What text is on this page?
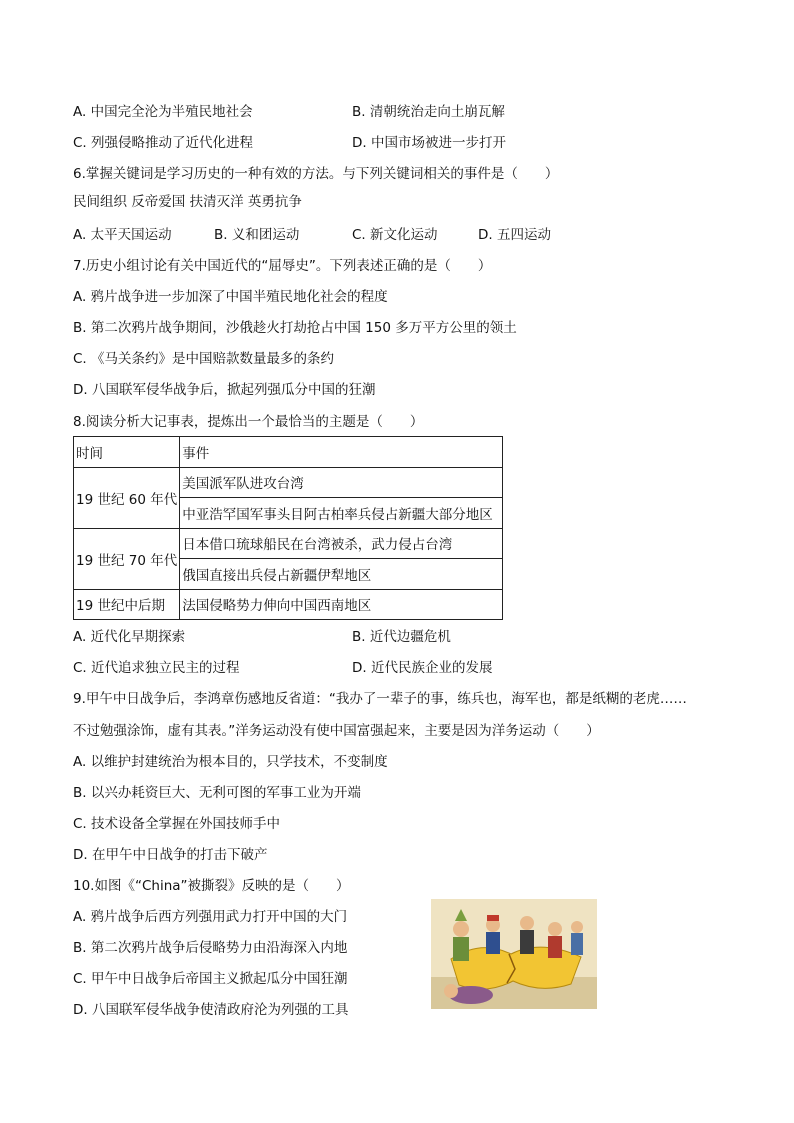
A. 中国完全沦为半殖民地社会	B. 清朝统治走向土崩瓦解
C. 列强侵略推动了近代化进程	D. 中国市场被进一步打开
6.掌握关键词是学习历史的一种有效的方法。与下列关键词相关的事件是（　　）
民间组织 反帝爱国 扶清灭洋 英勇抗争
A. 太平天国运动	B. 义和团运动	C. 新文化运动	D. 五四运动
7.历史小组讨论有关中国近代的“屈辱史”。下列表述正确的是（　　）
A. 鸦片战争进一步加深了中国半殖民地化社会的程度
B. 第二次鸦片战争期间，沙俄趁火打劫抢占中国 150 多万平方公里的领土
C. 《马关条约》是中国赔款数量最多的条约
D. 八国联军侵华战争后，掀起列强瓜分中国的狂潮
8.阅读分析大记事表，提炼出一个最恰当的主题是（　　）
时间	事件
19 世纪 60 年代	美国派军队进攻台湾
	中亚浩罕国军事头目阿古柏率兵侵占新疆大部分地区
19 世纪 70 年代	日本借口琉球船民在台湾被杀，武力侵占台湾
	俄国直接出兵侵占新疆伊犁地区
19 世纪中后期	法国侵略势力伸向中国西南地区
A. 近代化早期探索	B. 近代边疆危机
C. 近代追求独立民主的过程	D. 近代民族企业的发展
9.甲午中日战争后，李鸿章伤感地反省道：“我办了一辈子的事，练兵也，海军也，都是纸糊的老虎……
不过勉强涂饰，虚有其表。”洋务运动没有使中国富强起来，主要是因为洋务运动（　　）
A. 以维护封建统治为根本目的，只学技术，不变制度
B. 以兴办耗资巨大、无利可图的军事工业为开端
C. 技术设备全掌握在外国技师手中
D. 在甲午中日战争的打击下破产
10.如图《“China”被撕裂》反映的是（　　）
A. 鸦片战争后西方列强用武力打开中国的大门
B. 第二次鸦片战争后侵略势力由沿海深入内地
C. 甲午中日战争后帝国主义掀起瓜分中国狂潮
D. 八国联军侵华战争使清政府沦为列强的工具
